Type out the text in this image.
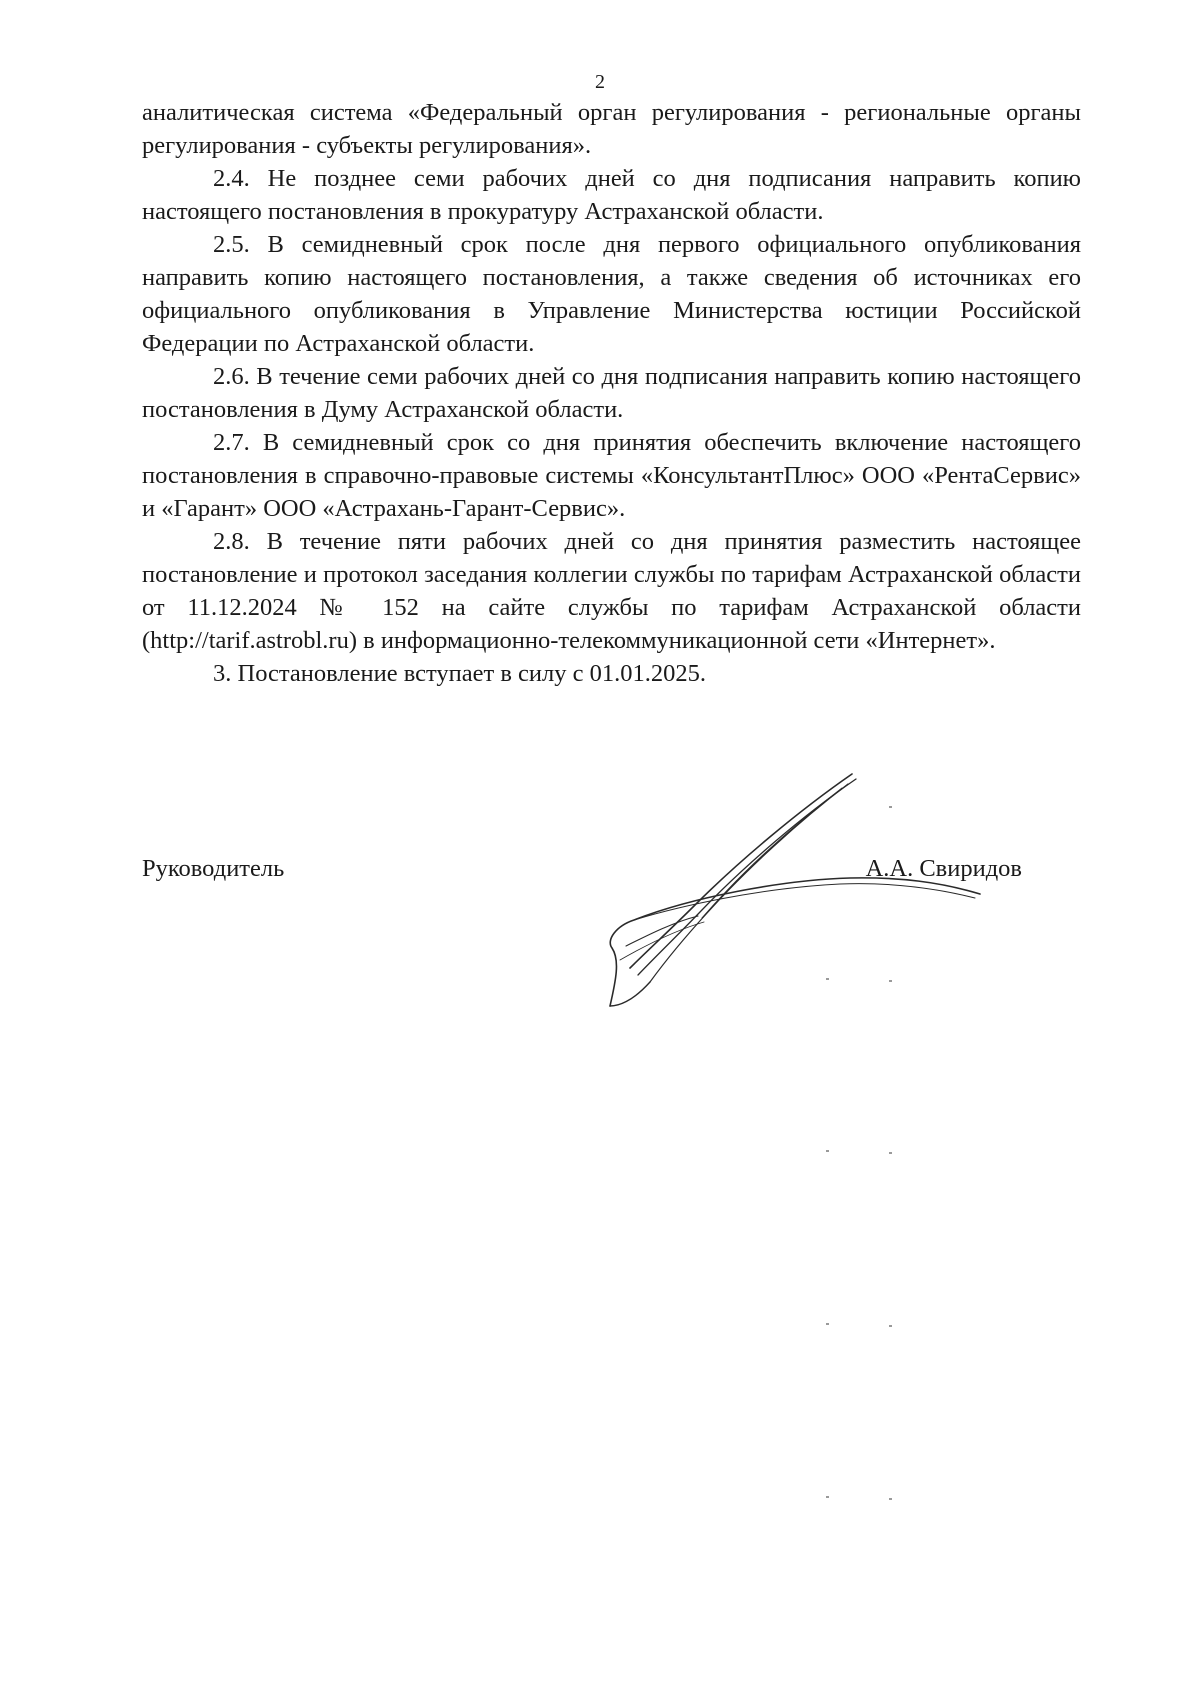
2

аналитическая система «Федеральный орган регулирования - региональные органы регулирования - субъекты регулирования».

2.4. Не позднее семи рабочих дней со дня подписания направить копию настоящего постановления в прокуратуру Астраханской области.

2.5. В семидневный срок после дня первого официального опубликования направить копию настоящего постановления, а также сведения об источниках его официального опубликования в Управление Министерства юстиции Российской Федерации по Астраханской области.

2.6. В течение семи рабочих дней со дня подписания направить копию настоящего постановления в Думу Астраханской области.

2.7. В семидневный срок со дня принятия обеспечить включение настоящего постановления в справочно-правовые системы «КонсультантПлюс» ООО «РентаСервис» и «Гарант» ООО «Астрахань-Гарант-Сервис».

2.8. В течение пяти рабочих дней со дня принятия разместить настоящее постановление и протокол заседания коллегии службы по тарифам Астраханской области от 11.12.2024 № 152 на сайте службы по тарифам Астраханской области (http://tarif.astrobl.ru) в информационно-телекоммуникационной сети «Интернет».

3. Постановление вступает в силу с 01.01.2025.

Руководитель	А.А. Свиридов
